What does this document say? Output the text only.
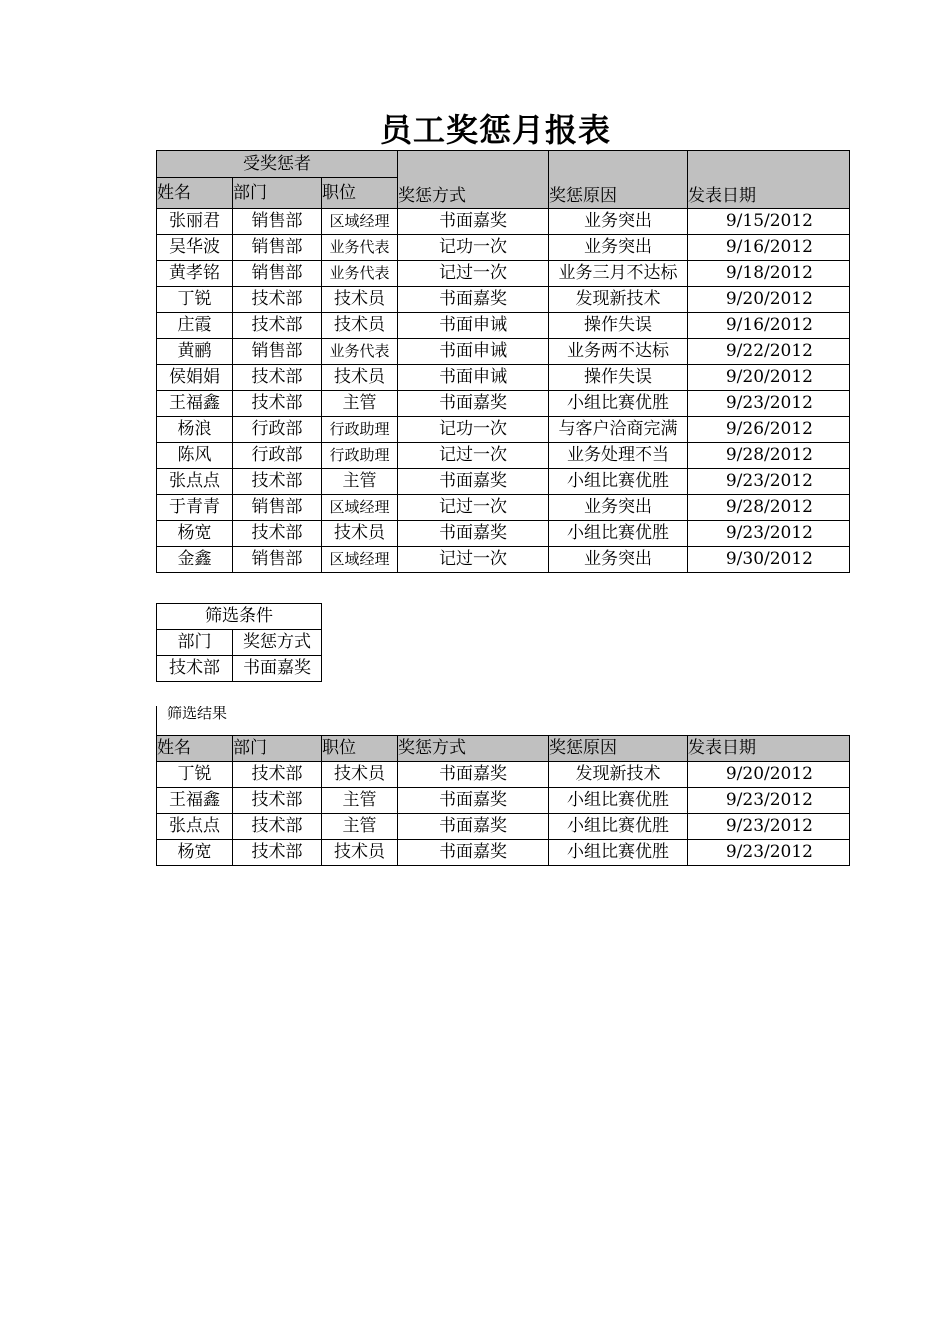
员工奖惩月报表
受奖惩者			奖惩方式	奖惩原因	发表日期
姓名	部门	职位			
张丽君	销售部	区域经理	书面嘉奖	业务突出	9/15/2012
吴华波	销售部	业务代表	记功一次	业务突出	9/16/2012
黄孝铭	销售部	业务代表	记过一次	业务三月不达标	9/18/2012
丁锐	技术部	技术员	书面嘉奖	发现新技术	9/20/2012
庄霞	技术部	技术员	书面申诫	操作失误	9/16/2012
黄鹂	销售部	业务代表	书面申诫	业务两不达标	9/22/2012
侯娟娟	技术部	技术员	书面申诫	操作失误	9/20/2012
王福鑫	技术部	主管	书面嘉奖	小组比赛优胜	9/23/2012
杨浪	行政部	行政助理	记功一次	与客户洽商完满	9/26/2012
陈风	行政部	行政助理	记过一次	业务处理不当	9/28/2012
张点点	技术部	主管	书面嘉奖	小组比赛优胜	9/23/2012
于青青	销售部	区域经理	记过一次	业务突出	9/28/2012
杨宽	技术部	技术员	书面嘉奖	小组比赛优胜	9/23/2012
金鑫	销售部	区域经理	记过一次	业务突出	9/30/2012
筛选条件	
部门	奖惩方式
技术部	书面嘉奖
筛选结果
姓名	部门	职位	奖惩方式	奖惩原因	发表日期
丁锐	技术部	技术员	书面嘉奖	发现新技术	9/20/2012
王福鑫	技术部	主管	书面嘉奖	小组比赛优胜	9/23/2012
张点点	技术部	主管	书面嘉奖	小组比赛优胜	9/23/2012
杨宽	技术部	技术员	书面嘉奖	小组比赛优胜	9/23/2012
